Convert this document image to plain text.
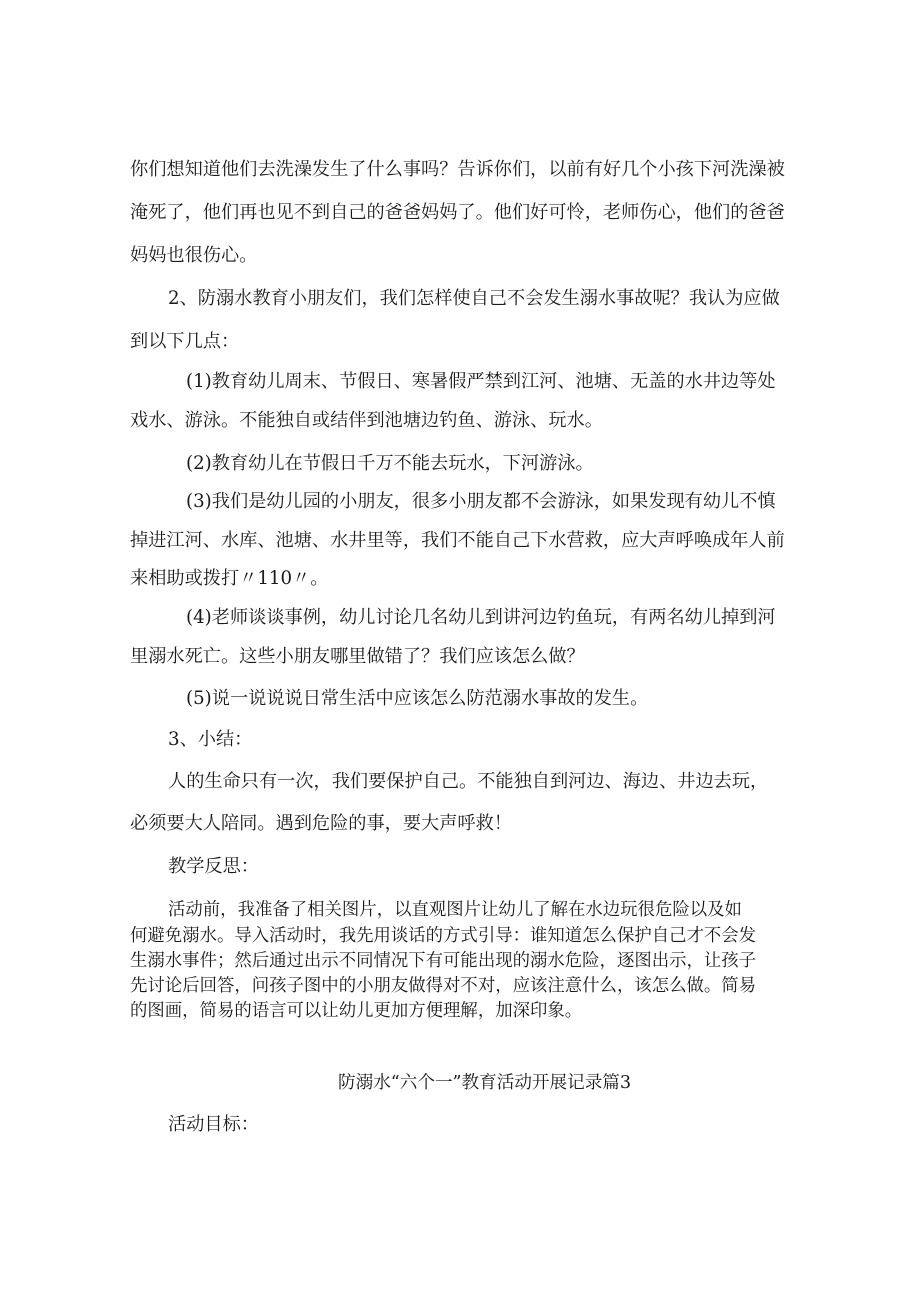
你们想知道他们去洗澡发生了什么事吗？告诉你们，以前有好几个小孩下河洗澡被

淹死了，他们再也见不到自己的爸爸妈妈了。他们好可怜，老师伤心，他们的爸爸

妈妈也很伤心。

2、防溺水教育小朋友们，我们怎样使自己不会发生溺水事故呢？我认为应做

到以下几点：

(1)教育幼儿周末、节假日、寒暑假严禁到江河、池塘、无盖的水井边等处

戏水、游泳。不能独自或结伴到池塘边钓鱼、游泳、玩水。

(2)教育幼儿在节假日千万不能去玩水，下河游泳。

(3)我们是幼儿园的小朋友，很多小朋友都不会游泳，如果发现有幼儿不慎

掉进江河、水库、池塘、水井里等，我们不能自己下水营救，应大声呼唤成年人前

来相助或拨打〃110〃。

(4)老师谈谈事例，幼儿讨论几名幼儿到讲河边钓鱼玩，有两名幼儿掉到河

里溺水死亡。这些小朋友哪里做错了？我们应该怎么做？

(5)说一说说说日常生活中应该怎么防范溺水事故的发生。

3、小结：

人的生命只有一次，我们要保护自己。不能独自到河边、海边、井边去玩，

必须要大人陪同。遇到危险的事，要大声呼救！

教学反思：

活动前，我准备了相关图片，以直观图片让幼儿了解在水边玩很危险以及如

何避免溺水。导入活动时，我先用谈话的方式引导：谁知道怎么保护自己才不会发

生溺水事件；然后通过出示不同情况下有可能出现的溺水危险，逐图出示，让孩子

先讨论后回答，问孩子图中的小朋友做得对不对，应该注意什么，该怎么做。简易

的图画，简易的语言可以让幼儿更加方便理解，加深印象。

防溺水“六个一”教育活动开展记录篇3

活动目标：
